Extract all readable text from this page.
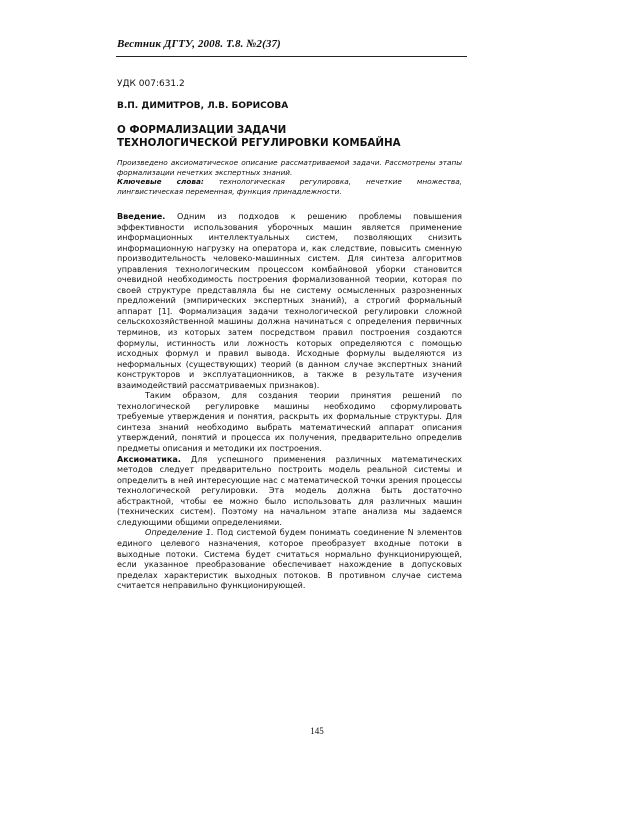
Вестник ДГТУ, 2008. Т.8. №2(37)
УДК 007:631.2
В.П. ДИМИТРОВ, Л.В. БОРИСОВА
О ФОРМАЛИЗАЦИИ ЗАДАЧИ
ТЕХНОЛОГИЧЕСКОЙ РЕГУЛИРОВКИ КОМБАЙНА

Произведено аксиоматическое описание рассматриваемой задачи. Рассмотрены этапы формализации нечетких экспертных знаний.

Ключевые слова: технологическая регулировка, нечеткие множества, лингвистическая переменная, функция принадлежности.

Введение. Одним из подходов к решению проблемы повышения эффективности использования уборочных машин является применение информационных интеллектуальных систем, позволяющих снизить информационную нагрузку на оператора и, как следствие, повысить сменную производительность человеко-машинных систем. Для синтеза алгоритмов управления технологическим процессом комбайновой уборки становится очевидной необходимость построения формализованной теории, которая по своей структуре представляла бы не систему осмысленных разрозненных предложений (эмпирических экспертных знаний), а строгий формальный аппарат [1]. Формализация задачи технологической регулировки сложной сельскохозяйственной машины должна начинаться с определения первичных терминов, из которых затем посредством правил построения создаются формулы, истинность или ложность которых определяются с помощью исходных формул и правил вывода. Исходные формулы выделяются из неформальных (существующих) теорий (в данном случае экспертных знаний конструкторов и эксплуатационников, а также в результате изучения взаимодействий рассматриваемых признаков).

Таким образом, для создания теории принятия решений по технологической регулировке машины необходимо сформулировать требуемые утверждения и понятия, раскрыть их формальные структуры. Для синтеза знаний необходимо выбрать математический аппарат описания утверждений, понятий и процесса их получения, предварительно определив предметы описания и методики их построения.

Аксиоматика. Для успешного применения различных математических методов следует предварительно построить модель реальной системы и определить в ней интересующие нас с математической точки зрения процессы технологической регулировки. Эта модель должна быть достаточно абстрактной, чтобы ее можно было использовать для различных машин (технических систем). Поэтому на начальном этапе анализа мы задаемся следующими общими определениями.

Определение 1. Под системой будем понимать соединение N элементов единого целевого назначения, которое преобразует входные потоки в выходные потоки. Система будет считаться нормально функционирующей, если указанное преобразование обеспечивает нахождение в допусковых пределах характеристик выходных потоков. В противном случае система считается неправильно функционирующей.

145
